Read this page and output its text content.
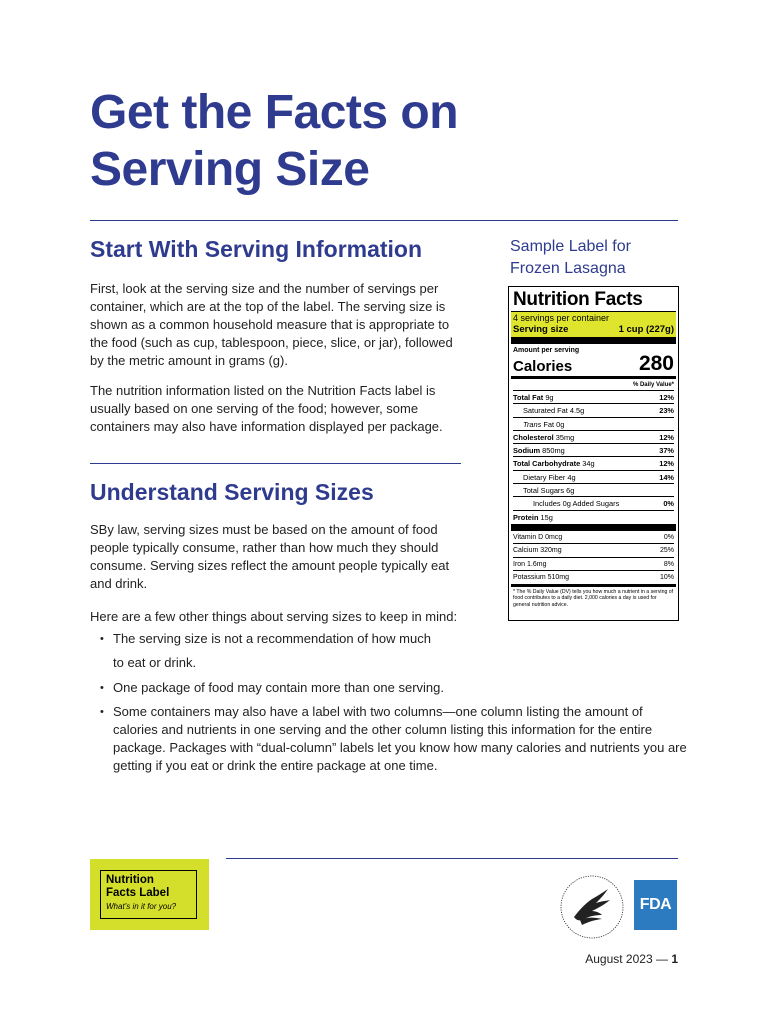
Get the Facts on
Serving Size
Start With Serving Information
First, look at the serving size and the number of servings per container, which are at the top of the label. The serving size is shown as a common household measure that is appropriate to the food (such as cup, tablespoon, piece, slice, or jar), followed by the metric amount in grams (g).
The nutrition information listed on the Nutrition Facts label is usually based on one serving of the food; however, some containers may also have information displayed per package.
Understand Serving Sizes
SBy law, serving sizes must be based on the amount of food people typically consume, rather than how much they should consume. Serving sizes reflect the amount people typically eat and drink.
Here are a few other things about serving sizes to keep in mind:
• The serving size is not a recommendation of how much to eat or drink.
• One package of food may contain more than one serving.
• Some containers may also have a label with two columns—one column listing the amount of calories and nutrients in one serving and the other column listing this information for the entire package. Packages with “dual-column” labels let you know how many calories and nutrients you are getting if you eat or drink the entire package at one time.
Sample Label for
Frozen Lasagna
Nutrition Facts
4 servings per container
Serving size	1 cup (227g)
Amount per serving
Calories	280
% Daily Value*
Total Fat 9g	12%
Saturated Fat 4.5g	23%
Trans Fat 0g
Cholesterol 35mg	12%
Sodium 850mg	37%
Total Carbohydrate 34g	12%
Dietary Fiber 4g	14%
Total Sugars 6g
Includes 0g Added Sugars	0%
Protein 15g
Vitamin D 0mcg	0%
Calcium 320mg	25%
Iron 1.6mg	8%
Potassium 510mg	10%
* The % Daily Value (DV) tells you how much a nutrient in a serving of food contributes to a daily diet. 2,000 calories a day is used for general nutrition advice.
Nutrition
Facts Label
What’s in it for you?	FDA
August 2023 — 1
